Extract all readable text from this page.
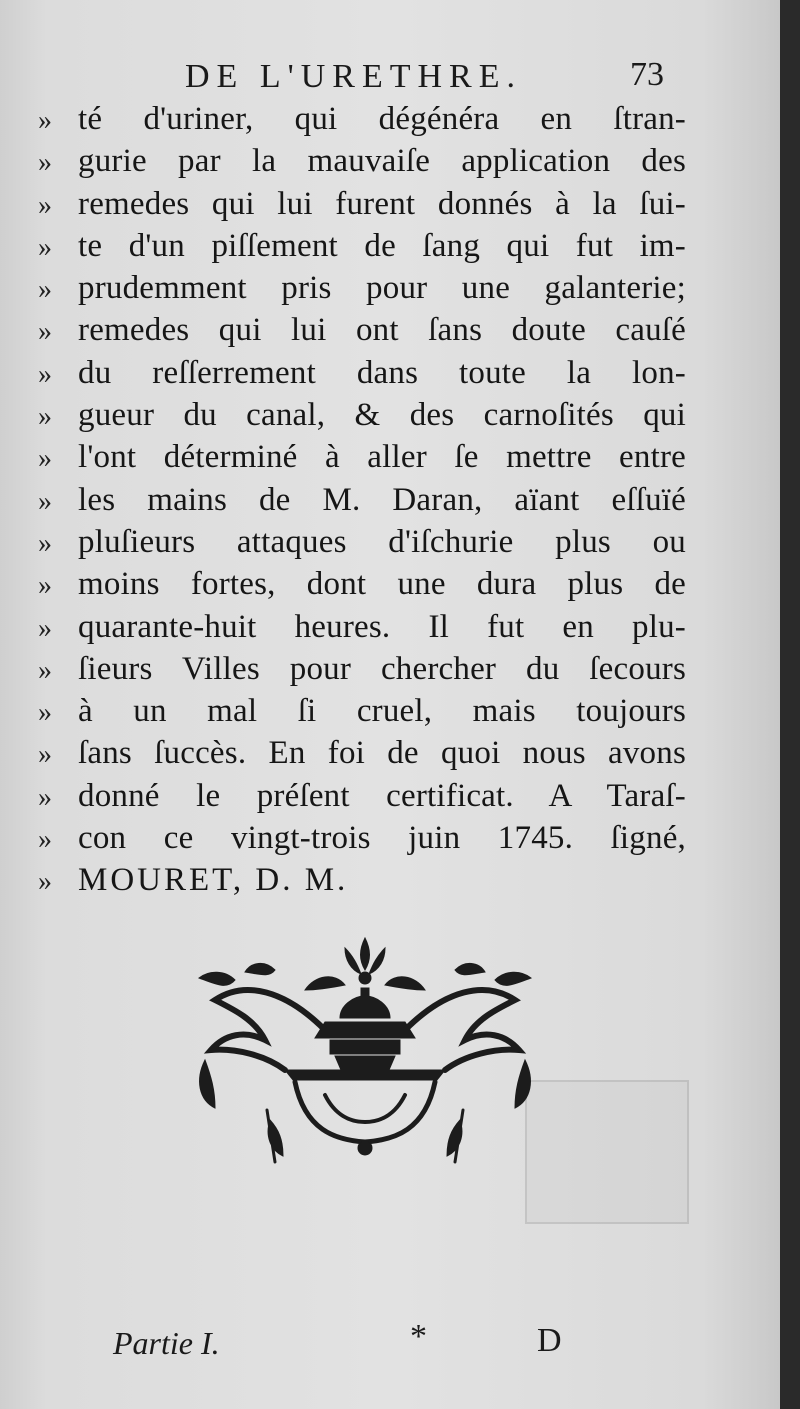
DE L'URETHRE.	73
» té d'uriner, qui dégénéra en ſtran-
» gurie par la mauvaiſe application des
» remedes qui lui furent donnés à la ſui-
» te d'un piſſement de ſang qui fut im-
» prudemment pris pour une galanterie;
» remedes qui lui ont ſans doute cauſé
» du reſſerrement dans toute la lon-
» gueur du canal, & des carnoſités qui
» l'ont déterminé à aller ſe mettre entre
» les mains de M. Daran, aïant eſſuïé
» pluſieurs attaques d'iſchurie plus ou
» moins fortes, dont une dura plus de
» quarante-huit heures. Il fut en plu-
» ſieurs Villes pour chercher du ſecours
» à un mal ſi cruel, mais toujours
» ſans ſuccès. En foi de quoi nous avons
» donné le préſent certificat. A Taraſ-
» con ce vingt-trois juin 1745. ſigné,
» MOURET, D. M.
Partie I.	*	D
